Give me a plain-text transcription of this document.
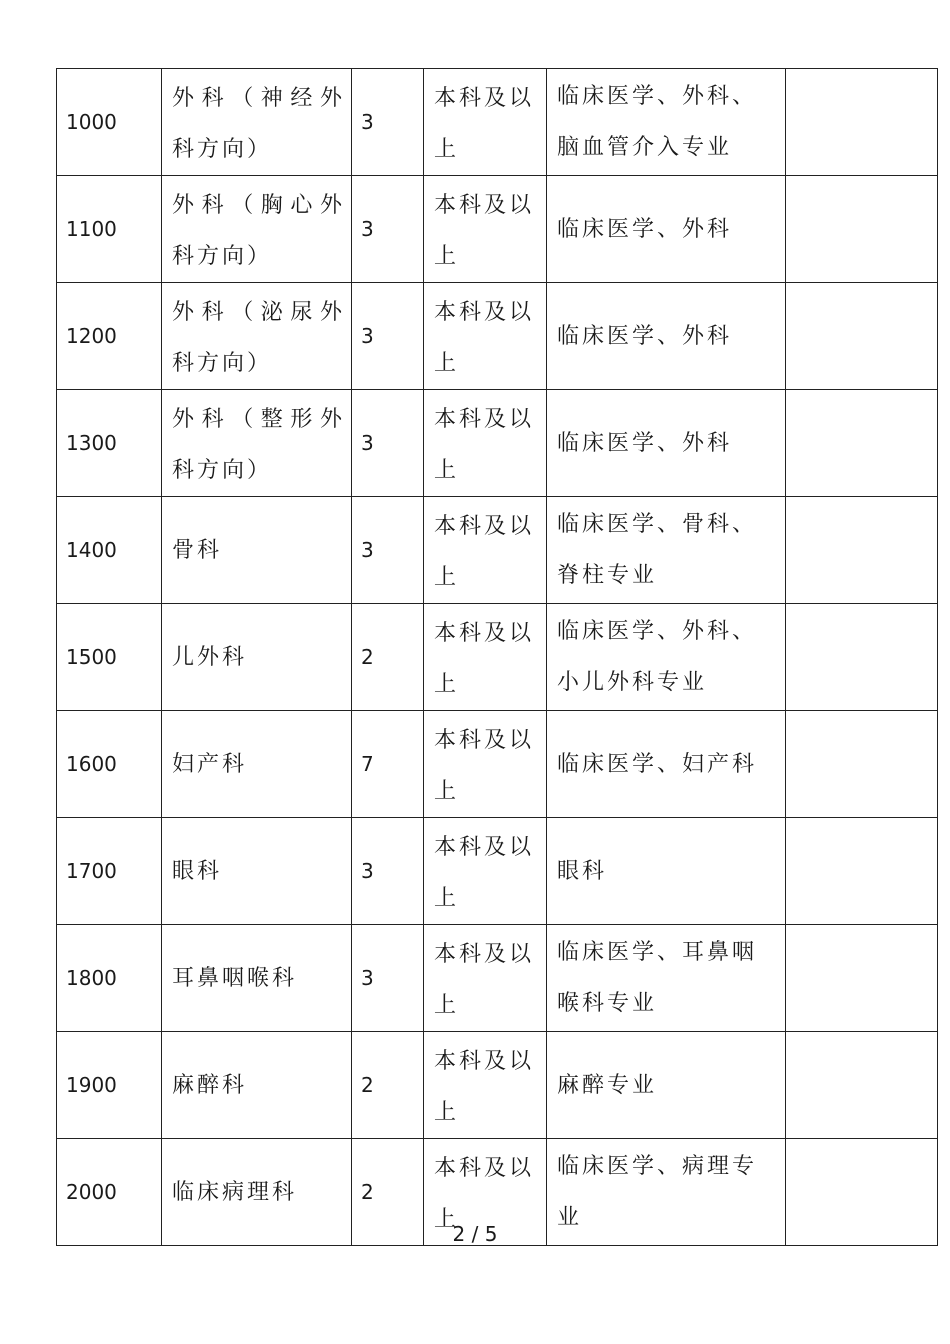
1000	外科（神经外科方向）	3	本科及以上	临床医学、外科、脑血管介入专业	
1100	外科（胸心外科方向）	3	本科及以上	临床医学、外科	
1200	外科（泌尿外科方向）	3	本科及以上	临床医学、外科	
1300	外科（整形外科方向）	3	本科及以上	临床医学、外科	
1400	骨科	3	本科及以上	临床医学、骨科、脊柱专业	
1500	儿外科	2	本科及以上	临床医学、外科、小儿外科专业	
1600	妇产科	7	本科及以上	临床医学、妇产科	
1700	眼科	3	本科及以上	眼科	
1800	耳鼻咽喉科	3	本科及以上	临床医学、耳鼻咽喉科专业	
1900	麻醉科	2	本科及以上	麻醉专业	
2000	临床病理科	2	本科及以上	临床医学、病理专业	
2 / 5
